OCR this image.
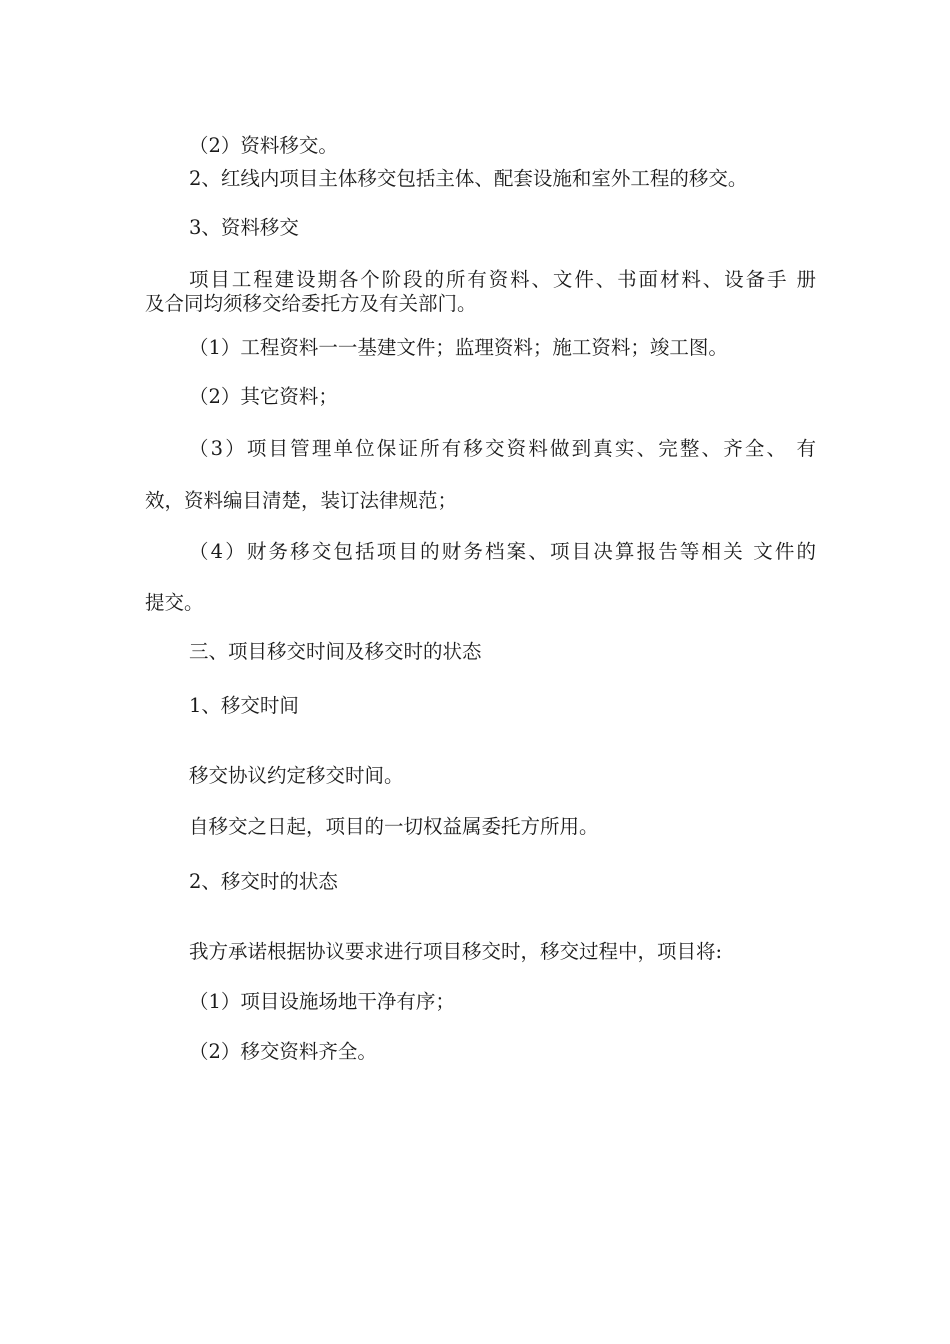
（2）资料移交。

2、红线内项目主体移交包括主体、配套设施和室外工程的移交。

3、资料移交

项目工程建设期各个阶段的所有资料、文件、书面材料、设备手 册

及合同均须移交给委托方及有关部门。

（1）工程资料一一基建文件；监理资料；施工资料；竣工图。

（2）其它资料；

（3）项目管理单位保证所有移交资料做到真实、完整、齐全、 有

效，资料编目清楚，装订法律规范；

（4）财务移交包括项目的财务档案、项目决算报告等相关 文件的

提交。

三、项目移交时间及移交时的状态

1、移交时间

移交协议约定移交时间。

自移交之日起，项目的一切权益属委托方所用。

2、移交时的状态

我方承诺根据协议要求进行项目移交时，移交过程中，项目将:

（1）项目设施场地干净有序；

（2）移交资料齐全。
